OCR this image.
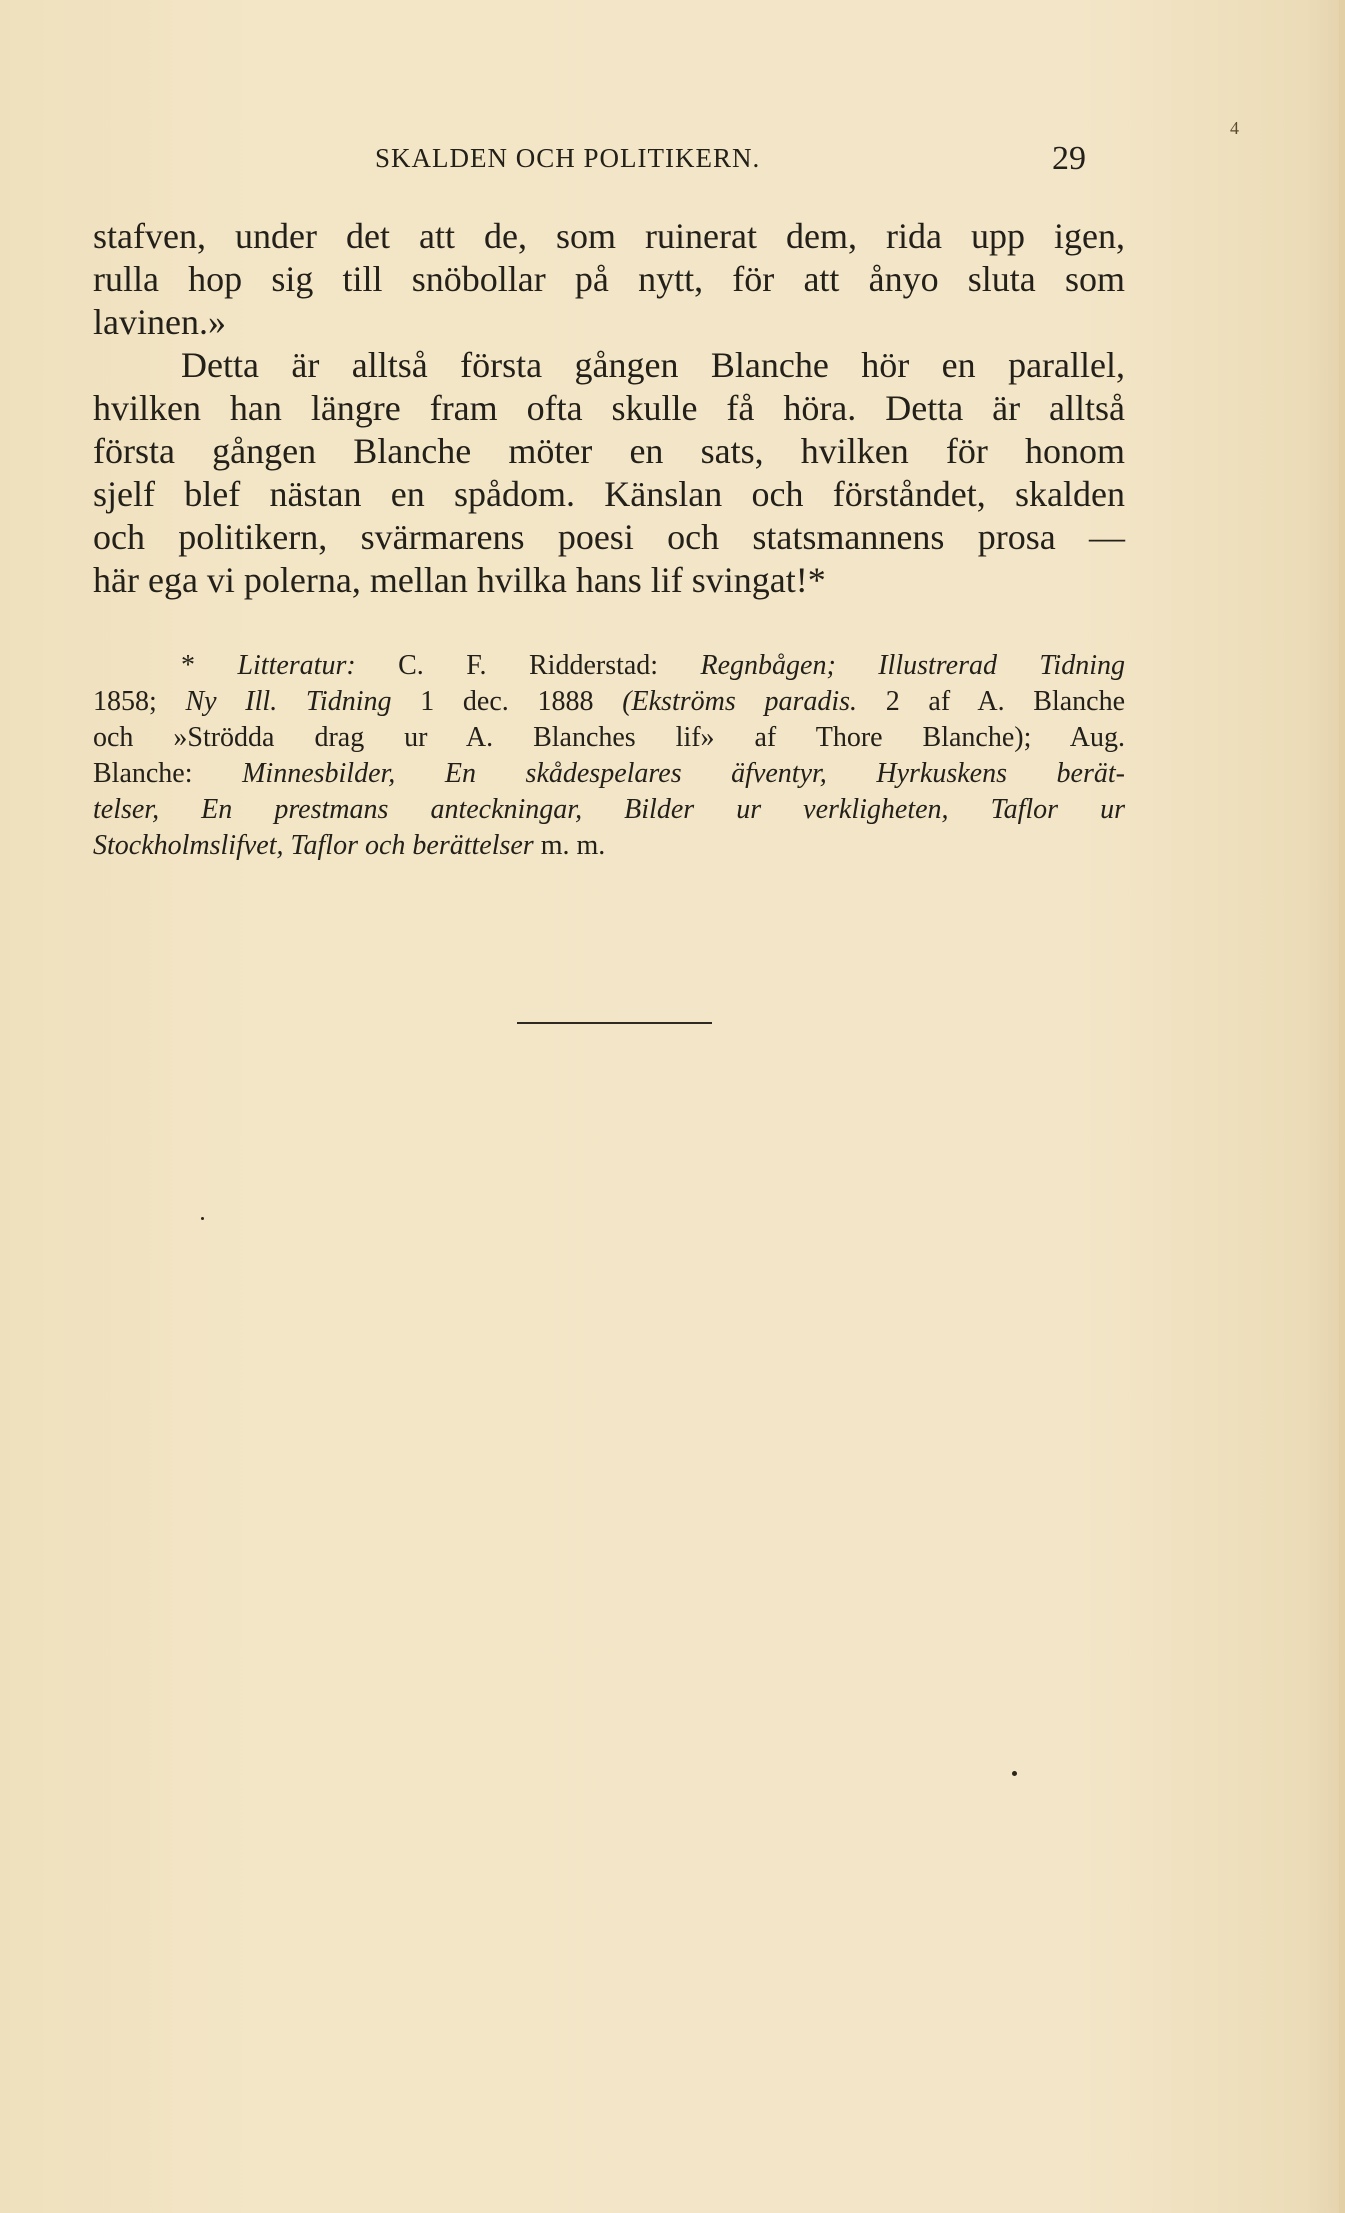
SKALDEN OCH POLITIKERN.	29
4
stafven, under det att de, som ruinerat dem, rida upp igen,
rulla hop sig till snöbollar på nytt, för att ånyo sluta som
lavinen.»
Detta är alltså första gången Blanche hör en parallel,
hvilken han längre fram ofta skulle få höra. Detta är alltså
första gången Blanche möter en sats, hvilken för honom
sjelf blef nästan en spådom. Känslan och förståndet, skalden
och politikern, svärmarens poesi och statsmannens prosa —
här ega vi polerna, mellan hvilka hans lif svingat!*
* Litteratur: C. F. Ridderstad: Regnbågen; Illustrerad Tidning
1858; Ny Ill. Tidning 1 dec. 1888 (Ekströms paradis. 2 af A. Blanche
och »Strödda drag ur A. Blanches lif» af Thore Blanche); Aug.
Blanche: Minnesbilder, En skådespelares äfventyr, Hyrkuskens berät-
telser, En prestmans anteckningar, Bilder ur verkligheten, Taflor ur
Stockholmslifvet, Taflor och berättelser m. m.
